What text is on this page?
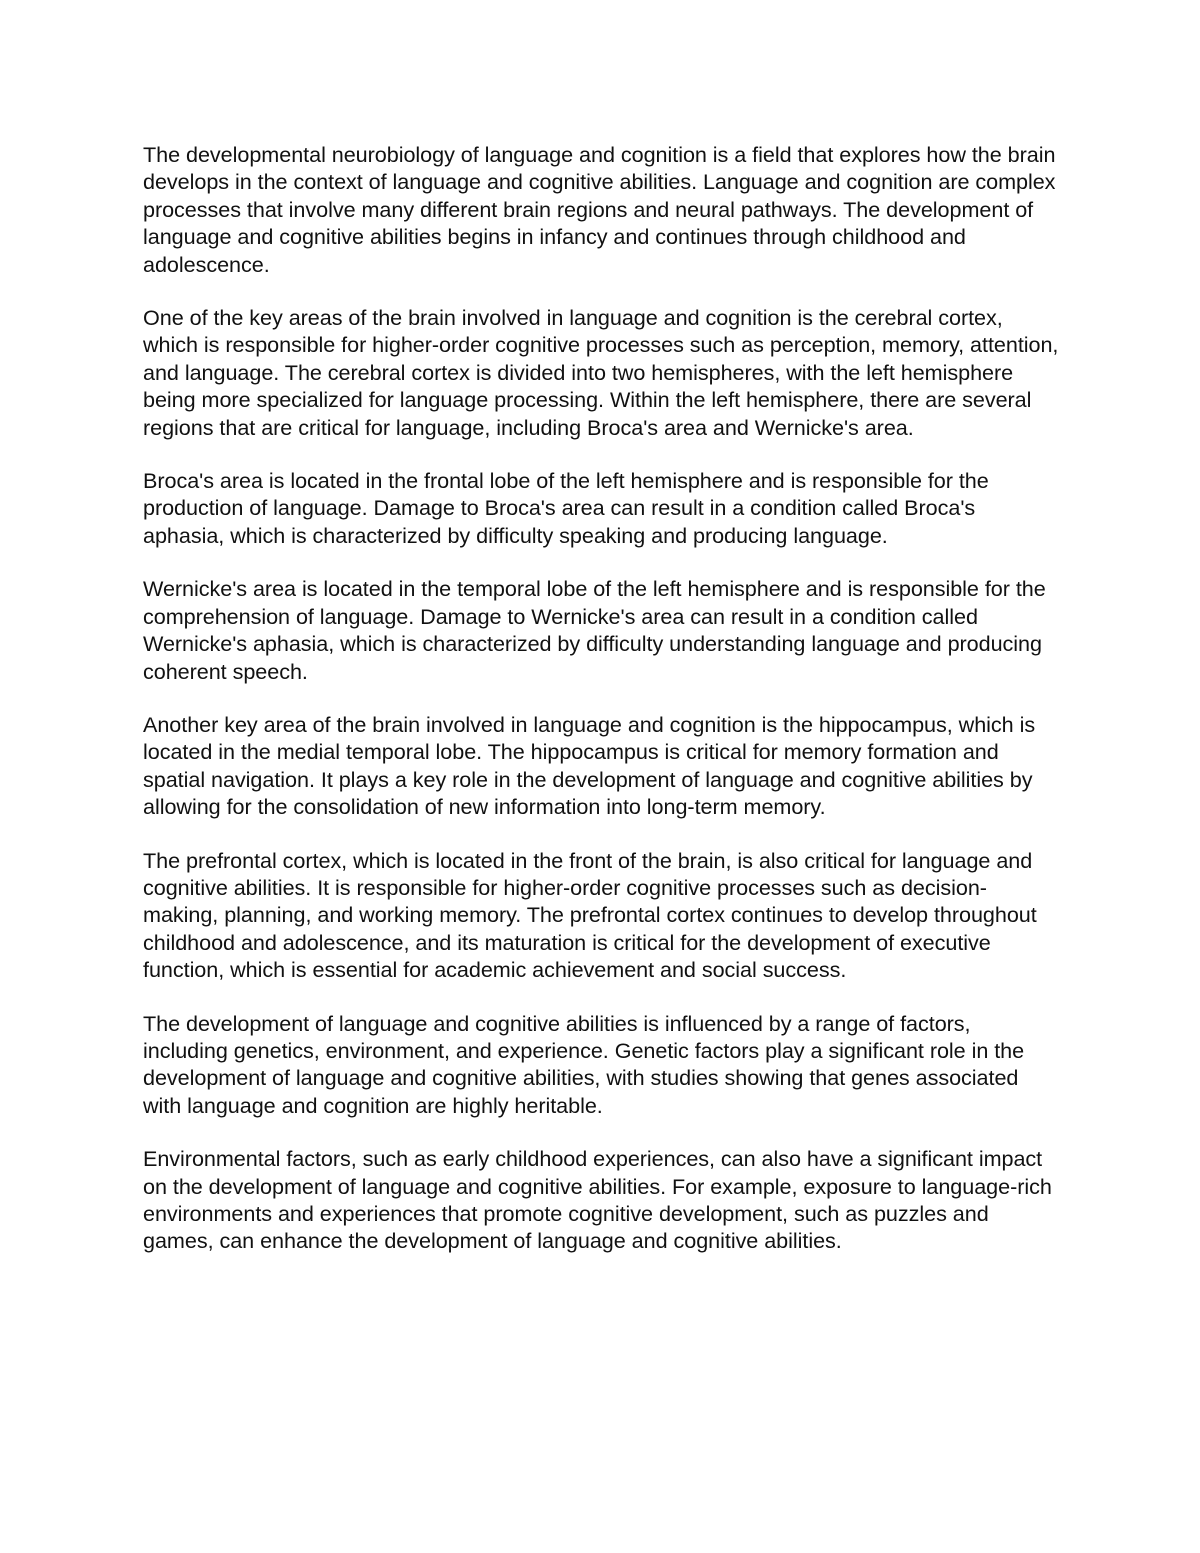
The developmental neurobiology of language and cognition is a field that explores how the brain develops in the context of language and cognitive abilities. Language and cognition are complex processes that involve many different brain regions and neural pathways. The development of language and cognitive abilities begins in infancy and continues through childhood and adolescence.

One of the key areas of the brain involved in language and cognition is the cerebral cortex, which is responsible for higher-order cognitive processes such as perception, memory, attention, and language. The cerebral cortex is divided into two hemispheres, with the left hemisphere being more specialized for language processing. Within the left hemisphere, there are several regions that are critical for language, including Broca's area and Wernicke's area.

Broca's area is located in the frontal lobe of the left hemisphere and is responsible for the production of language. Damage to Broca's area can result in a condition called Broca's aphasia, which is characterized by difficulty speaking and producing language.

Wernicke's area is located in the temporal lobe of the left hemisphere and is responsible for the comprehension of language. Damage to Wernicke's area can result in a condition called Wernicke's aphasia, which is characterized by difficulty understanding language and producing coherent speech.

Another key area of the brain involved in language and cognition is the hippocampus, which is located in the medial temporal lobe. The hippocampus is critical for memory formation and spatial navigation. It plays a key role in the development of language and cognitive abilities by allowing for the consolidation of new information into long-term memory.

The prefrontal cortex, which is located in the front of the brain, is also critical for language and cognitive abilities. It is responsible for higher-order cognitive processes such as decision-making, planning, and working memory. The prefrontal cortex continues to develop throughout childhood and adolescence, and its maturation is critical for the development of executive function, which is essential for academic achievement and social success.

The development of language and cognitive abilities is influenced by a range of factors, including genetics, environment, and experience. Genetic factors play a significant role in the development of language and cognitive abilities, with studies showing that genes associated with language and cognition are highly heritable.

Environmental factors, such as early childhood experiences, can also have a significant impact on the development of language and cognitive abilities. For example, exposure to language-rich environments and experiences that promote cognitive development, such as puzzles and games, can enhance the development of language and cognitive abilities.
